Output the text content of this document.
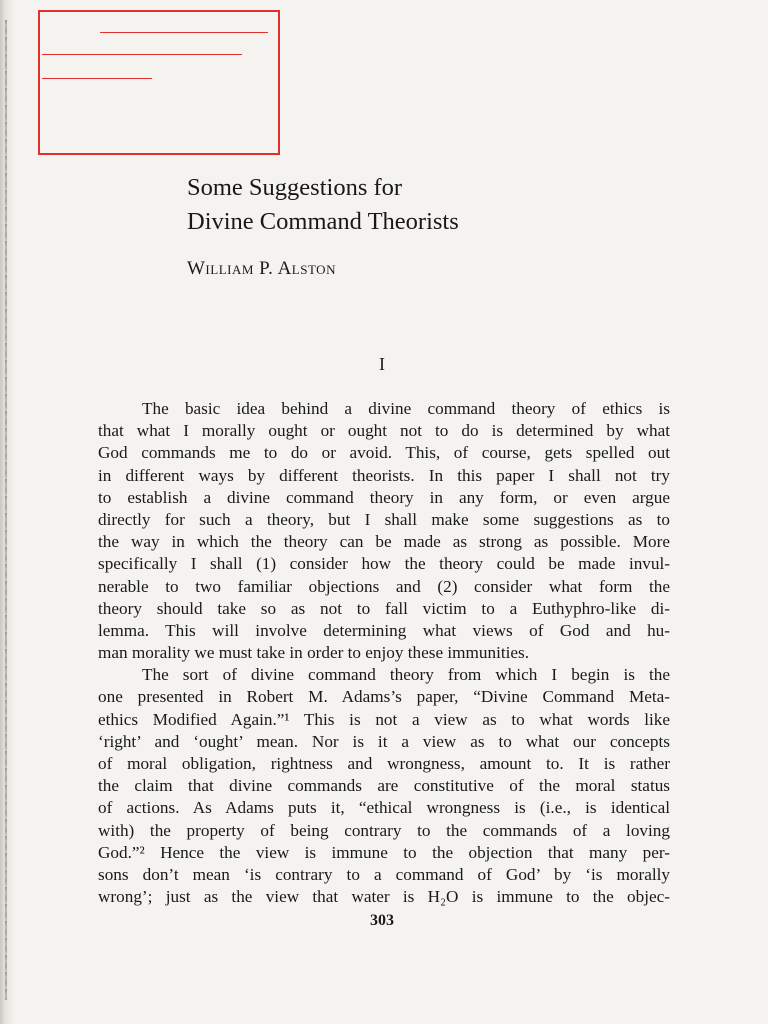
Some Suggestions for
Divine Command Theorists
William P. Alston
I
The basic idea behind a divine command theory of ethics is
that what I morally ought or ought not to do is determined by what
God commands me to do or avoid. This, of course, gets spelled out
in different ways by different theorists. In this paper I shall not try
to establish a divine command theory in any form, or even argue
directly for such a theory, but I shall make some suggestions as to
the way in which the theory can be made as strong as possible. More
specifically I shall (1) consider how the theory could be made invul-
nerable to two familiar objections and (2) consider what form the
theory should take so as not to fall victim to a Euthyphro-like di-
lemma. This will involve determining what views of God and hu-
man morality we must take in order to enjoy these immunities.
The sort of divine command theory from which I begin is the
one presented in Robert M. Adams’s paper, “Divine Command Meta-
ethics Modified Again.”¹ This is not a view as to what words like
‘right’ and ‘ought’ mean. Nor is it a view as to what our concepts
of moral obligation, rightness and wrongness, amount to. It is rather
the claim that divine commands are constitutive of the moral status
of actions. As Adams puts it, “ethical wrongness is (i.e., is identical
with) the property of being contrary to the commands of a loving
God.”² Hence the view is immune to the objection that many per-
sons don’t mean ‘is contrary to a command of God’ by ‘is morally
wrong’; just as the view that water is H₂O is immune to the objec-
303
